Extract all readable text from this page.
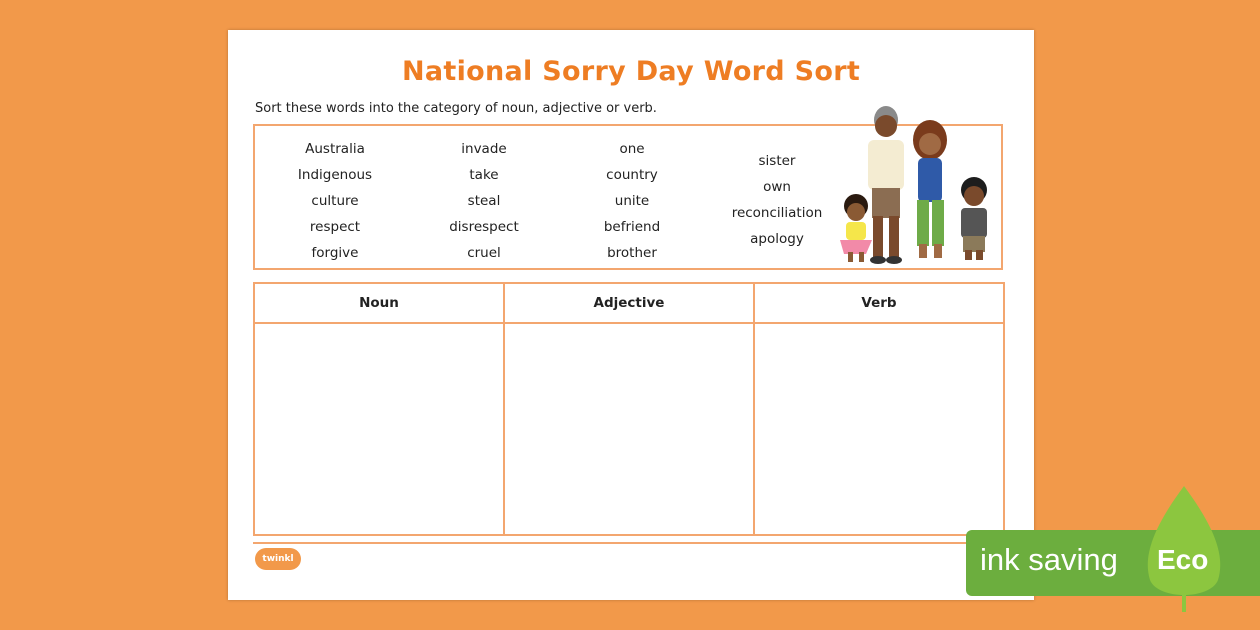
National Sorry Day Word Sort
Sort these words into the category of noun, adjective or verb.
Australia
Indigenous
culture
respect
forgive
invade
take
steal
disrespect
cruel
one
country
unite
befriend
brother
sister
own
reconciliation
apology
Noun	Adjective	Verb
twinkl	ink saving Eco
